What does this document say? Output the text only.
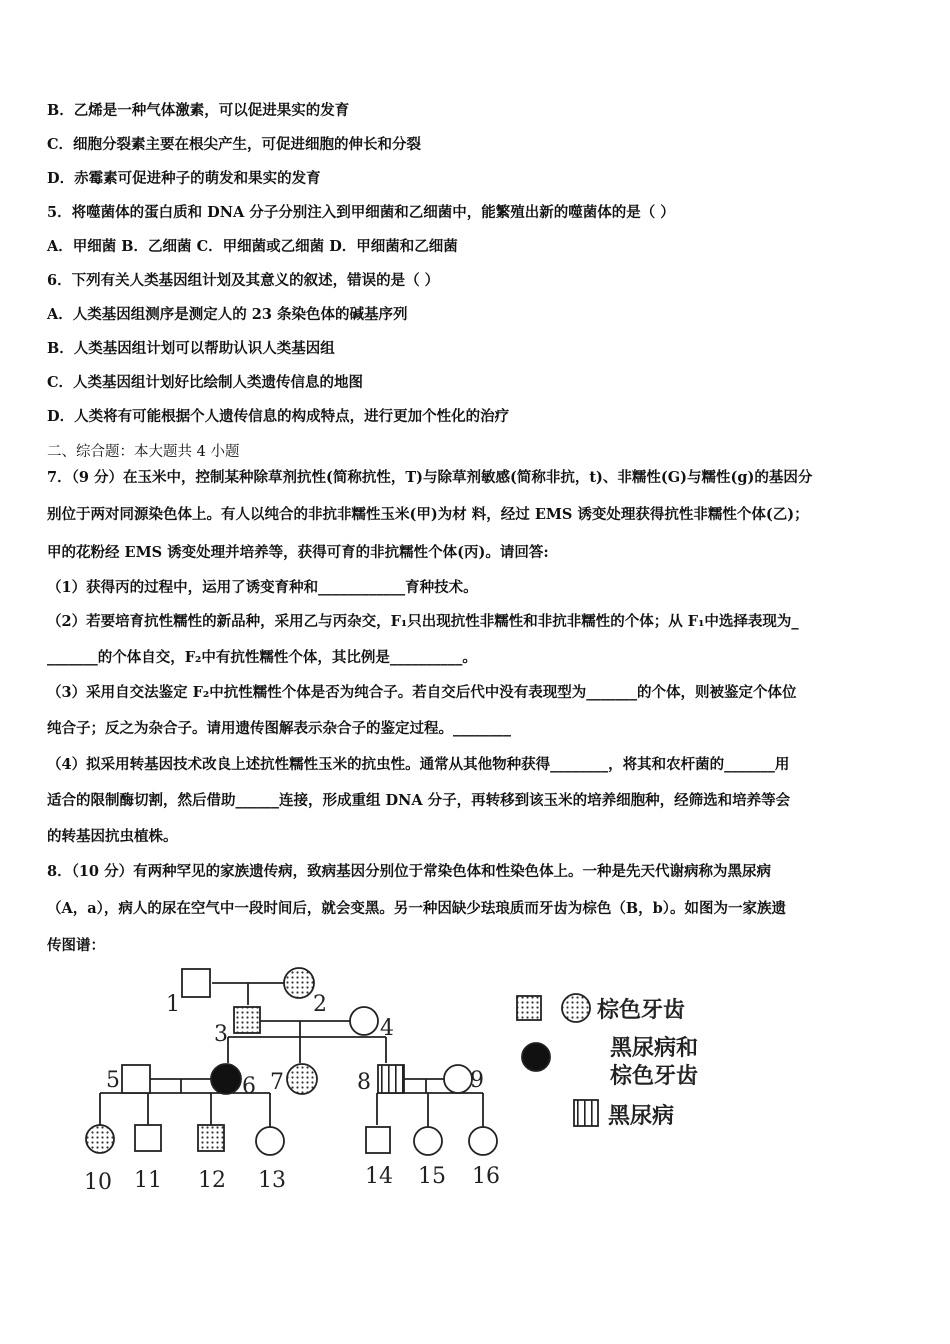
B．乙烯是一种气体激素，可以促进果实的发育
C．细胞分裂素主要在根尖产生，可促进细胞的伸长和分裂
D．赤霉素可促进种子的萌发和果实的发育
5．将噬菌体的蛋白质和 DNA 分子分别注入到甲细菌和乙细菌中，能繁殖出新的噬菌体的是（ ）
A．甲细菌 B．乙细菌 C．甲细菌或乙细菌 D．甲细菌和乙细菌
6．下列有关人类基因组计划及其意义的叙述，错误的是（ ）
A．人类基因组测序是测定人的 23 条染色体的碱基序列
B．人类基因组计划可以帮助认识人类基因组
C．人类基因组计划好比绘制人类遗传信息的地图
D．人类将有可能根据个人遗传信息的构成特点，进行更加个性化的治疗
二、综合题：本大题共 4 小题
7．（9 分）在玉米中，控制某种除草剂抗性(简称抗性，T)与除草剂敏感(简称非抗，t)、非糯性(G)与糯性(g)的基因分
别位于两对同源染色体上。有人以纯合的非抗非糯性玉米(甲)为材 料，经过 EMS 诱变处理获得抗性非糯性个体(乙)；
甲的花粉经 EMS 诱变处理并培养等，获得可育的非抗糯性个体(丙)。请回答:
（1）获得丙的过程中，运用了诱变育种和____________育种技术。
（2）若要培育抗性糯性的新品种，采用乙与丙杂交，F₁只出现抗性非糯性和非抗非糯性的个体；从 F₁中选择表现为_
_______的个体自交，F₂中有抗性糯性个体，其比例是__________。
（3）采用自交法鉴定 F₂中抗性糯性个体是否为纯合子。若自交后代中没有表现型为_______的个体，则被鉴定个体位
纯合子；反之为杂合子。请用遗传图解表示杂合子的鉴定过程。________
（4）拟采用转基因技术改良上述抗性糯性玉米的抗虫性。通常从其他物种获得________，将其和农杆菌的_______用
适合的限制酶切割，然后借助______连接，形成重组 DNA 分子，再转移到该玉米的培养细胞种，经筛选和培养等会
的转基因抗虫植株。
8．（10 分）有两种罕见的家族遗传病，致病基因分别位于常染色体和性染色体上。一种是先天代谢病称为黑尿病
（A，a），病人的尿在空气中一段时间后，就会变黑。另一种因缺少珐琅质而牙齿为棕色（B，b）。如图为一家族遗
传图谱：
1	2
3	4
5	6 7	8	9
10 11 12 13	14 15 16
棕色牙齿
黑尿病和
棕色牙齿
黑尿病
